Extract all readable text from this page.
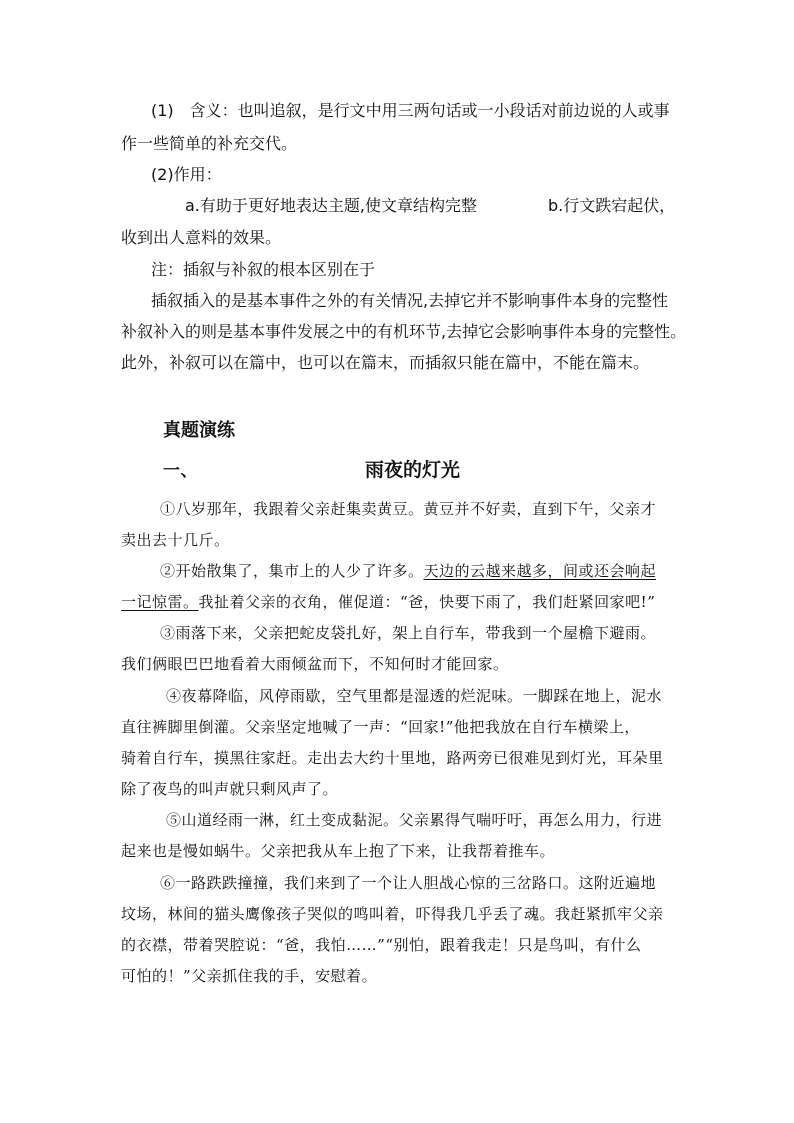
(1)　含义：也叫追叙，是行文中用三两句话或一小段话对前边说的人或事
作一些简单的补充交代。
(2)作用：
a.有助于更好地表达主题,使文章结构完整	b.行文跌宕起伏，
收到出人意料的效果。
注：插叙与补叙的根本区别在于
插叙插入的是基本事件之外的有关情况,去掉它并不影响事件本身的完整性
补叙补入的则是基本事件发展之中的有机环节,去掉它会影响事件本身的完整性。
此外，补叙可以在篇中，也可以在篇末，而插叙只能在篇中，不能在篇末。
真题演练
一、	雨夜的灯光
①八岁那年，我跟着父亲赶集卖黄豆。黄豆并不好卖，直到下午，父亲才
卖出去十几斤。
②开始散集了，集市上的人少了许多。天边的云越来越多，间或还会响起
一记惊雷。我扯着父亲的衣角，催促道：“爸，快要下雨了，我们赶紧回家吧!”
③雨落下来，父亲把蛇皮袋扎好，架上自行车，带我到一个屋檐下避雨。
我们俩眼巴巴地看着大雨倾盆而下，不知何时才能回家。
④夜幕降临，风停雨歇，空气里都是湿透的烂泥味。一脚踩在地上，泥水
直往裤脚里倒灌。父亲坚定地喊了一声：“回家!”他把我放在自行车横梁上，
骑着自行车，摸黑往家赶。走出去大约十里地，路两旁已很难见到灯光，耳朵里
除了夜鸟的叫声就只剩风声了。
⑤山道经雨一淋，红土变成黏泥。父亲累得气喘吁吁，再怎么用力，行进
起来也是慢如蜗牛。父亲把我从车上抱了下来，让我帮着推车。
⑥一路跌跌撞撞，我们来到了一个让人胆战心惊的三岔路口。这附近遍地
坟场，林间的猫头鹰像孩子哭似的鸣叫着，吓得我几乎丢了魂。我赶紧抓牢父亲
的衣襟，带着哭腔说：“爸，我怕……”“别怕，跟着我走！只是鸟叫，有什么
可怕的！”父亲抓住我的手，安慰着。
